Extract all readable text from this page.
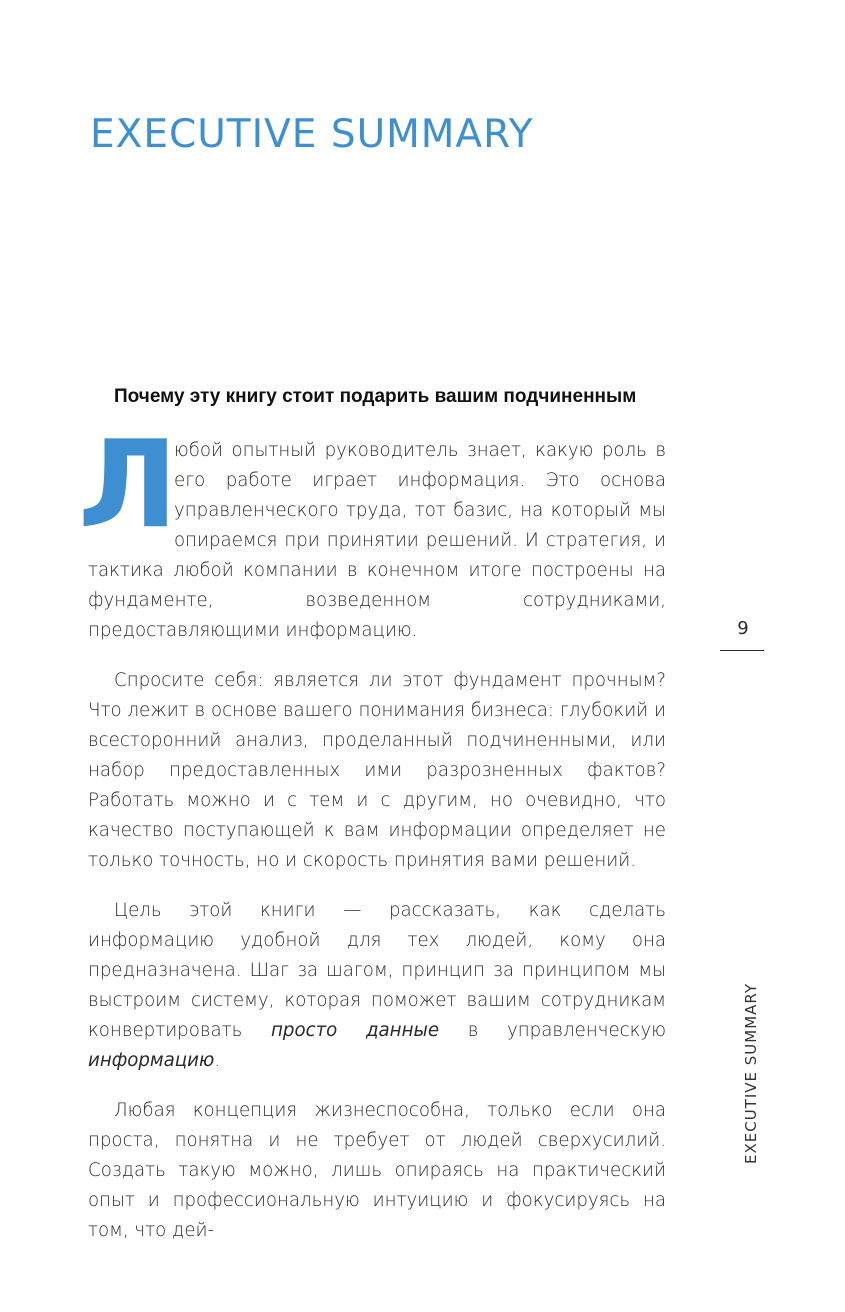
EXECUTIVE SUMMARY
Почему эту книгу стоит подарить вашим подчиненным

Л
юбой опытный руководитель знает, какую роль в его работе играет информация. Это основа управленческого труда, тот базис, на который мы опираемся при принятии решений. И стратегия, и тактика любой компании в конечном итоге построены на фундаменте, возведенном сотрудниками, предоставляющими информацию.

Спросите себя: является ли этот фундамент прочным? Что лежит в основе вашего понимания бизнеса: глубокий и всесторонний анализ, проделанный подчиненными, или набор предоставленных ими разрозненных фактов? Работать можно и с тем и с другим, но очевидно, что качество поступающей к вам информации определяет не только точность, но и скорость принятия вами решений.

Цель этой книги — рассказать, как сделать информацию удобной для тех людей, кому она предназначена. Шаг за шагом, принцип за принципом мы выстроим систему, которая поможет вашим сотрудникам конвертировать просто данные в управленческую информацию.

Любая концепция жизнеспособна, только если она проста, понятна и не требует от людей сверхусилий. Создать такую можно, лишь опираясь на практический опыт и профессиональную интуицию и фокусируясь на том, что дей-

9
EXECUTIVE SUMMARY
